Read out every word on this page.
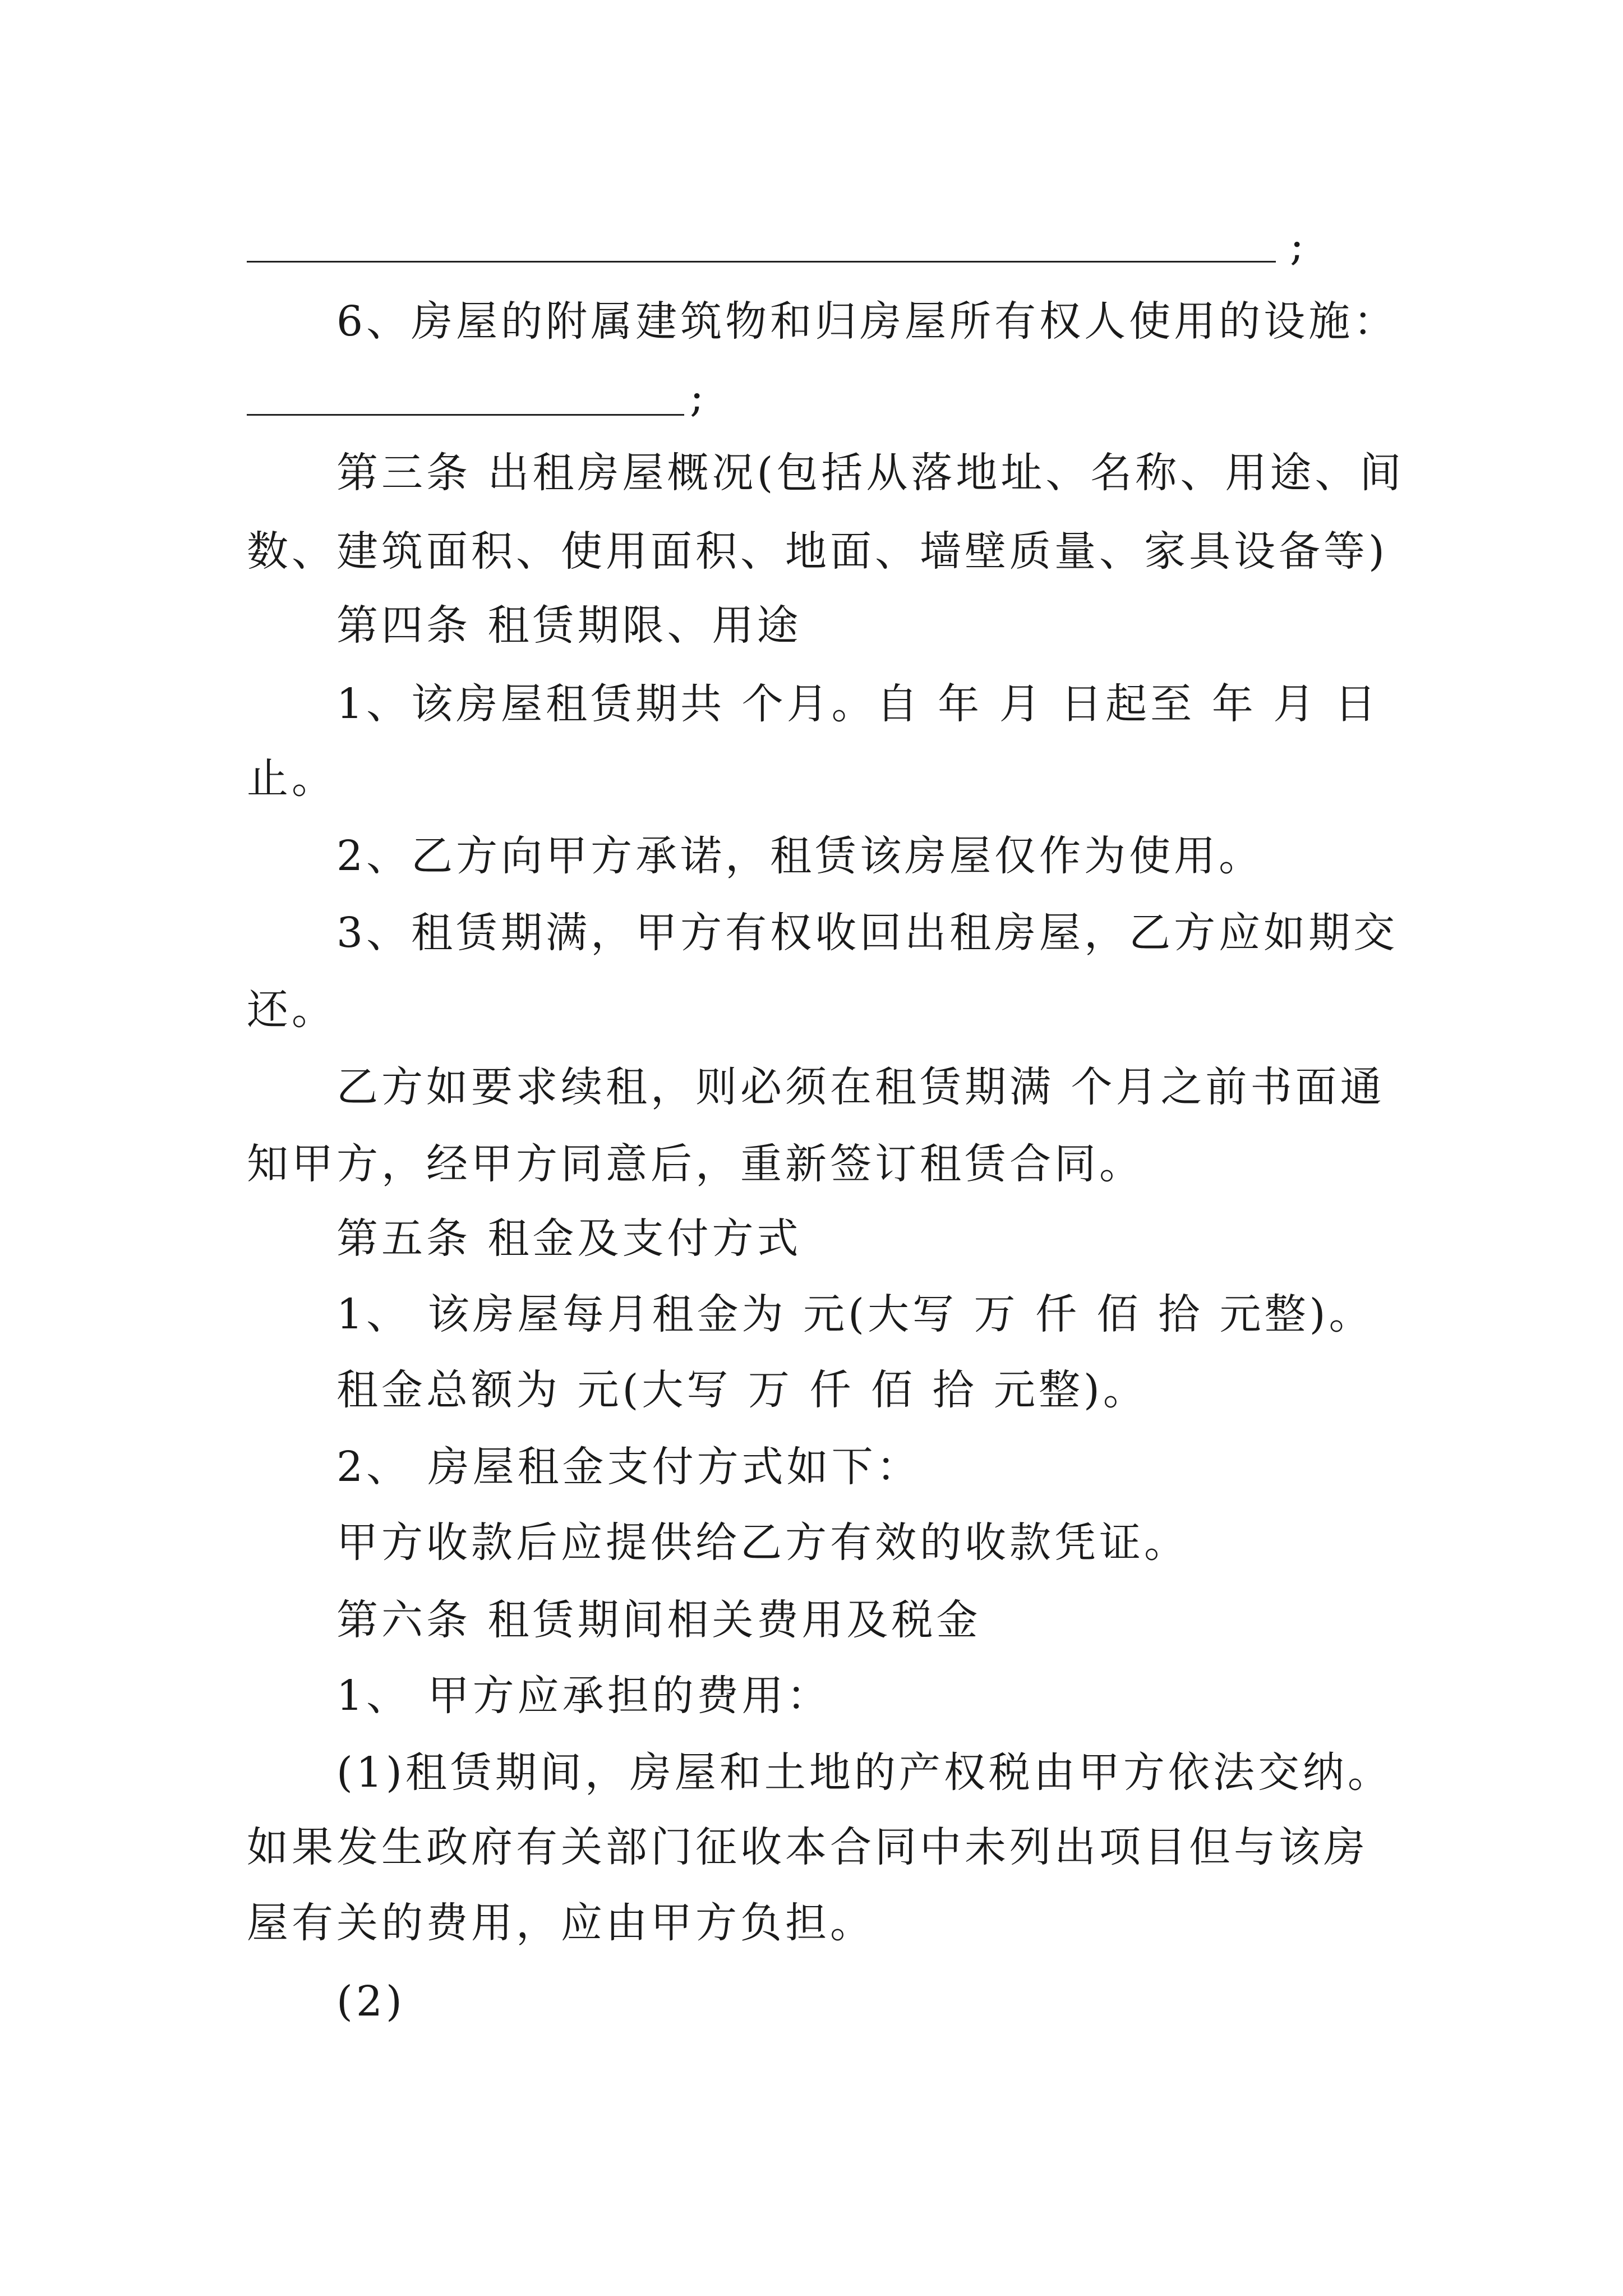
;
6、房屋的附属建筑物和归房屋所有权人使用的设施：
;
第三条 出租房屋概况(包括从落地址、名称、用途、间
数、建筑面积、使用面积、地面、墙壁质量、家具设备等)
第四条 租赁期限、用途
1、该房屋租赁期共 个月。自 年 月 日起至 年 月 日
止。
2、乙方向甲方承诺，租赁该房屋仅作为使用。
3、租赁期满，甲方有权收回出租房屋，乙方应如期交
还。
乙方如要求续租，则必须在租赁期满 个月之前书面通
知甲方，经甲方同意后，重新签订租赁合同。
第五条 租金及支付方式
1、 该房屋每月租金为 元(大写 万 仟 佰 拾 元整)。
租金总额为 元(大写 万 仟 佰 拾 元整)。
2、 房屋租金支付方式如下：
甲方收款后应提供给乙方有效的收款凭证。
第六条 租赁期间相关费用及税金
1、 甲方应承担的费用：
(1)租赁期间，房屋和土地的产权税由甲方依法交纳。
如果发生政府有关部门征收本合同中未列出项目但与该房
屋有关的费用，应由甲方负担。
(2)
